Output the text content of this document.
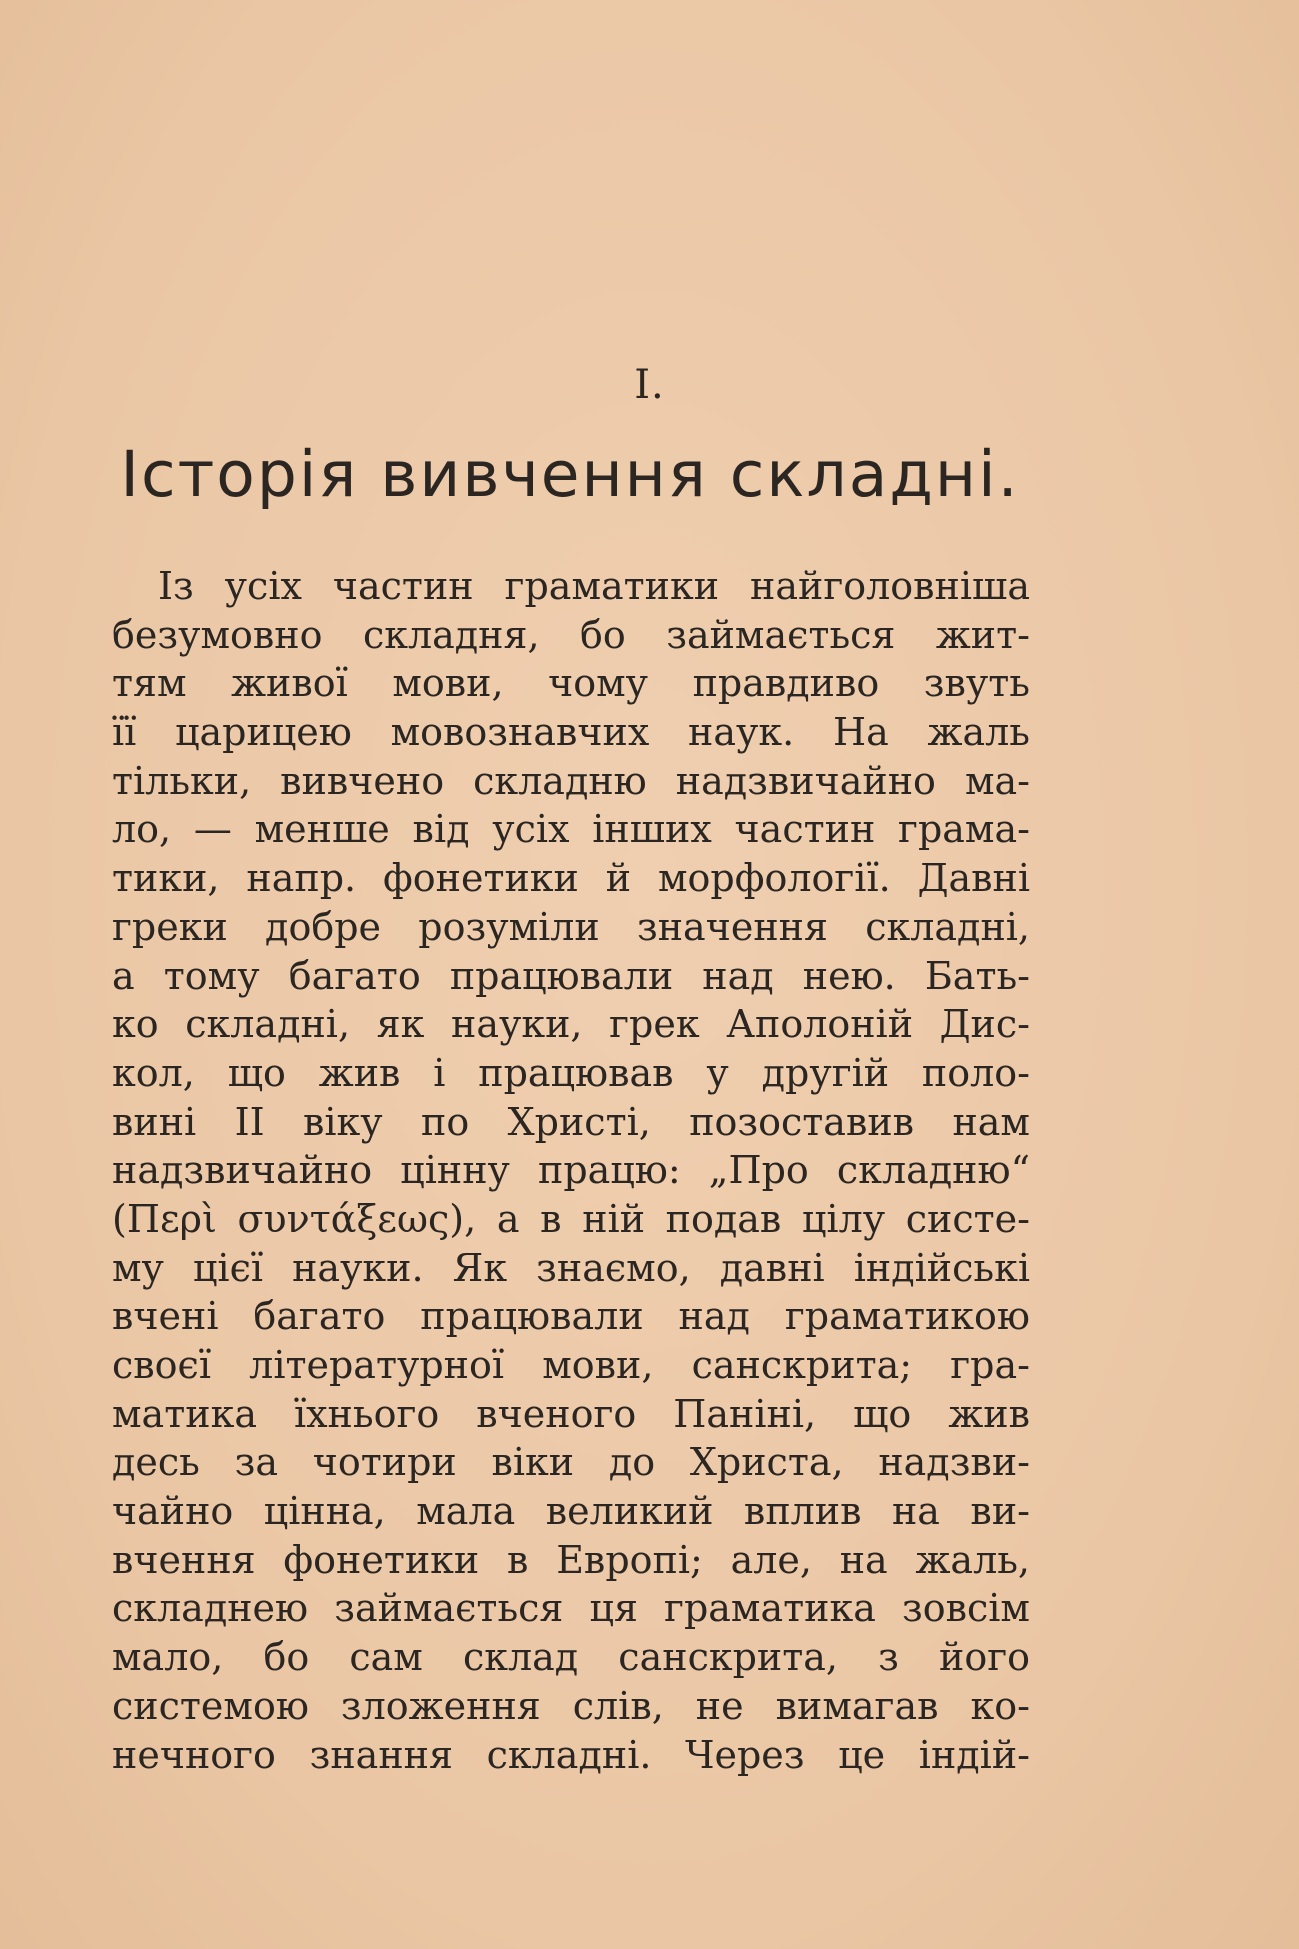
I.
Історія вивчення складні.
Із усіх частин граматики найголовніша
безумовно складня, бо займається жит-
тям живої мови, чому правдиво звуть
її царицею мовознавчих наук. На жаль
тільки, вивчено складню надзвичайно ма-
ло, — менше від усіх інших частин грама-
тики, напр. фонетики й морфології. Давні
греки добре розуміли значення складні,
а тому багато працювали над нею. Бать-
ко складні, як науки, грек Аполоній Дис-
кол, що жив і працював у другій поло-
вині II віку по Христі, позоставив нам
надзвичайно цінну працю: „Про складню“
(Περὶ συντάξεως), а в ній подав цілу систе-
му цієї науки. Як знаємо, давні індійські
вчені багато працювали над граматикою
своєї літературної мови, санскрита; гра-
матика їхнього вченого Паніні, що жив
десь за чотири віки до Христа, надзви-
чайно цінна, мала великий вплив на ви-
вчення фонетики в Европі; але, на жаль,
складнею займається ця граматика зовсім
мало, бо сам склад санскрита, з його
системою зложення слів, не вимагав ко-
нечного знання складні. Через це індій-
